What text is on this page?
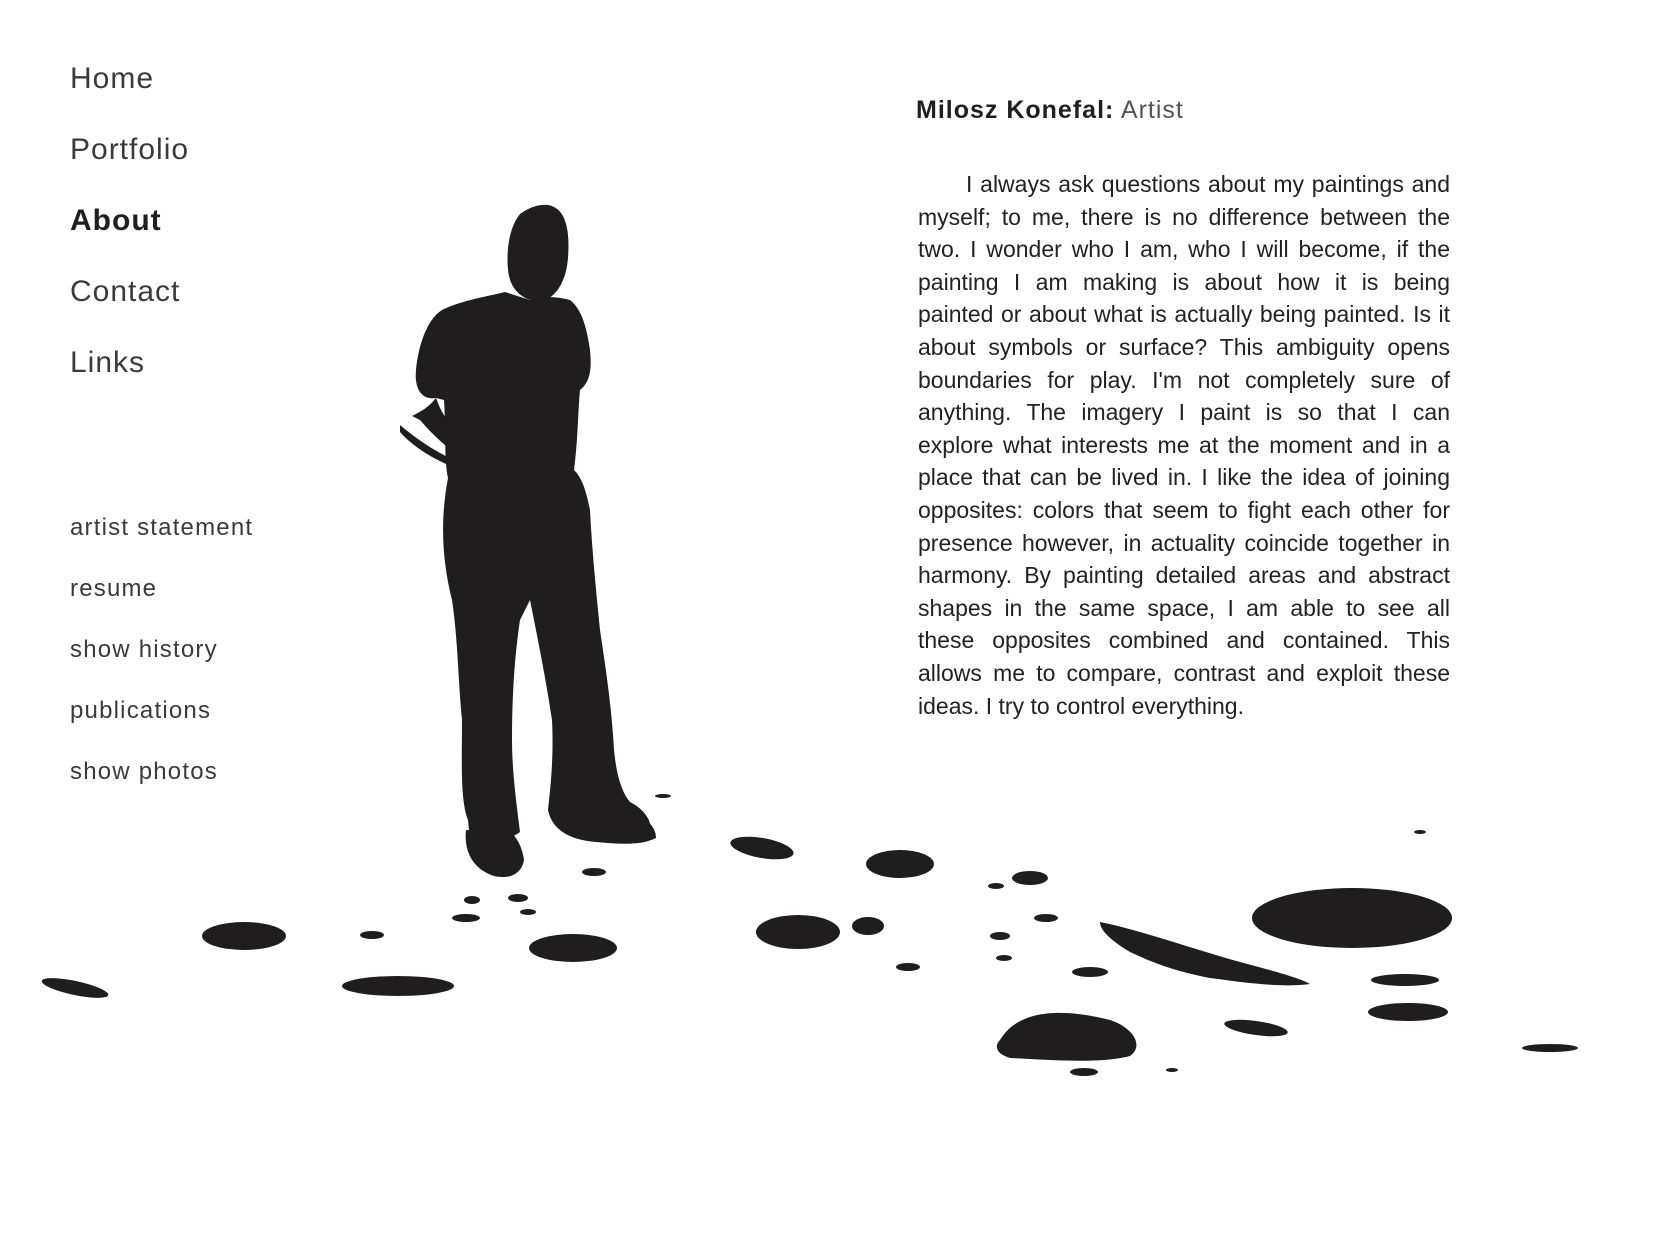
Home
Portfolio
About
Contact
Links
artist statement
resume
show history
publications
show photos
Milosz Konefal: Artist

I always ask questions about my paintings and myself; to me, there is no difference between the two. I wonder who I am, who I will become, if the painting I am making is about how it is being painted or about what is actually being painted. Is it about symbols or surface? This ambiguity opens boundaries for play. I'm not completely sure of anything. The imagery I paint is so that I can explore what interests me at the moment and in a place that can be lived in. I like the idea of joining opposites: colors that seem to fight each other for presence however, in actuality coincide together in harmony. By painting detailed areas and abstract shapes in the same space, I am able to see all these opposites combined and contained. This allows me to compare, contrast and exploit these ideas. I try to control everything.
